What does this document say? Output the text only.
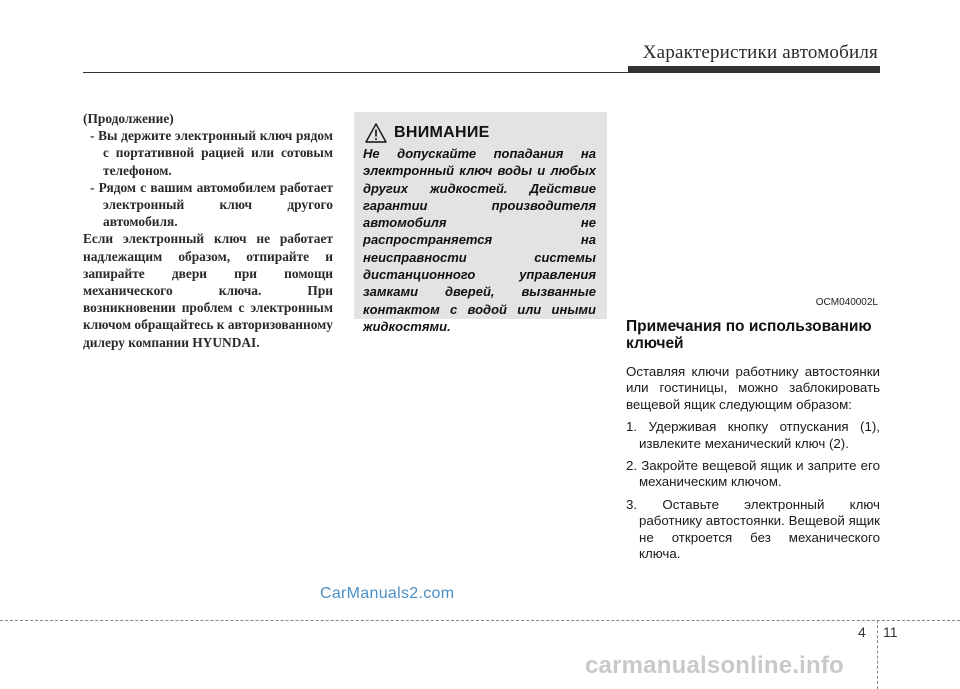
Характеристики автомобиля

(Продолжение)

- Вы держите электронный ключ рядом с портативной рацией или сотовым телефоном.

- Рядом с вашим автомобилем работает электронный ключ другого автомобиля.

Если электронный ключ не работает надлежащим образом, отпирайте и запирайте двери при помощи механического ключа. При возникновении проблем с электронным ключом обращайтесь к авторизованному дилеру компании HYUNDAI.

ВНИМАНИЕ
Не допускайте попадания на электронный ключ воды и любых других жидкостей. Действие гарантии производителя автомобиля не распространяется на неисправности системы дистанционного управления замками дверей, вызванные контактом с водой или иными жидкостями.
OCM040002L

Примечания по использованию ключей

Оставляя ключи работнику автостоянки или гостиницы, можно заблокировать вещевой ящик следующим образом:

1. Удерживая кнопку отпускания (1), извлеките механический ключ (2).

2. Закройте вещевой ящик и заприте его механическим ключом.

3. Оставьте электронный ключ работнику автостоянки. Вещевой ящик не откроется без механического ключа.

CarManuals2.com
4 11
carmanualsonline.info
